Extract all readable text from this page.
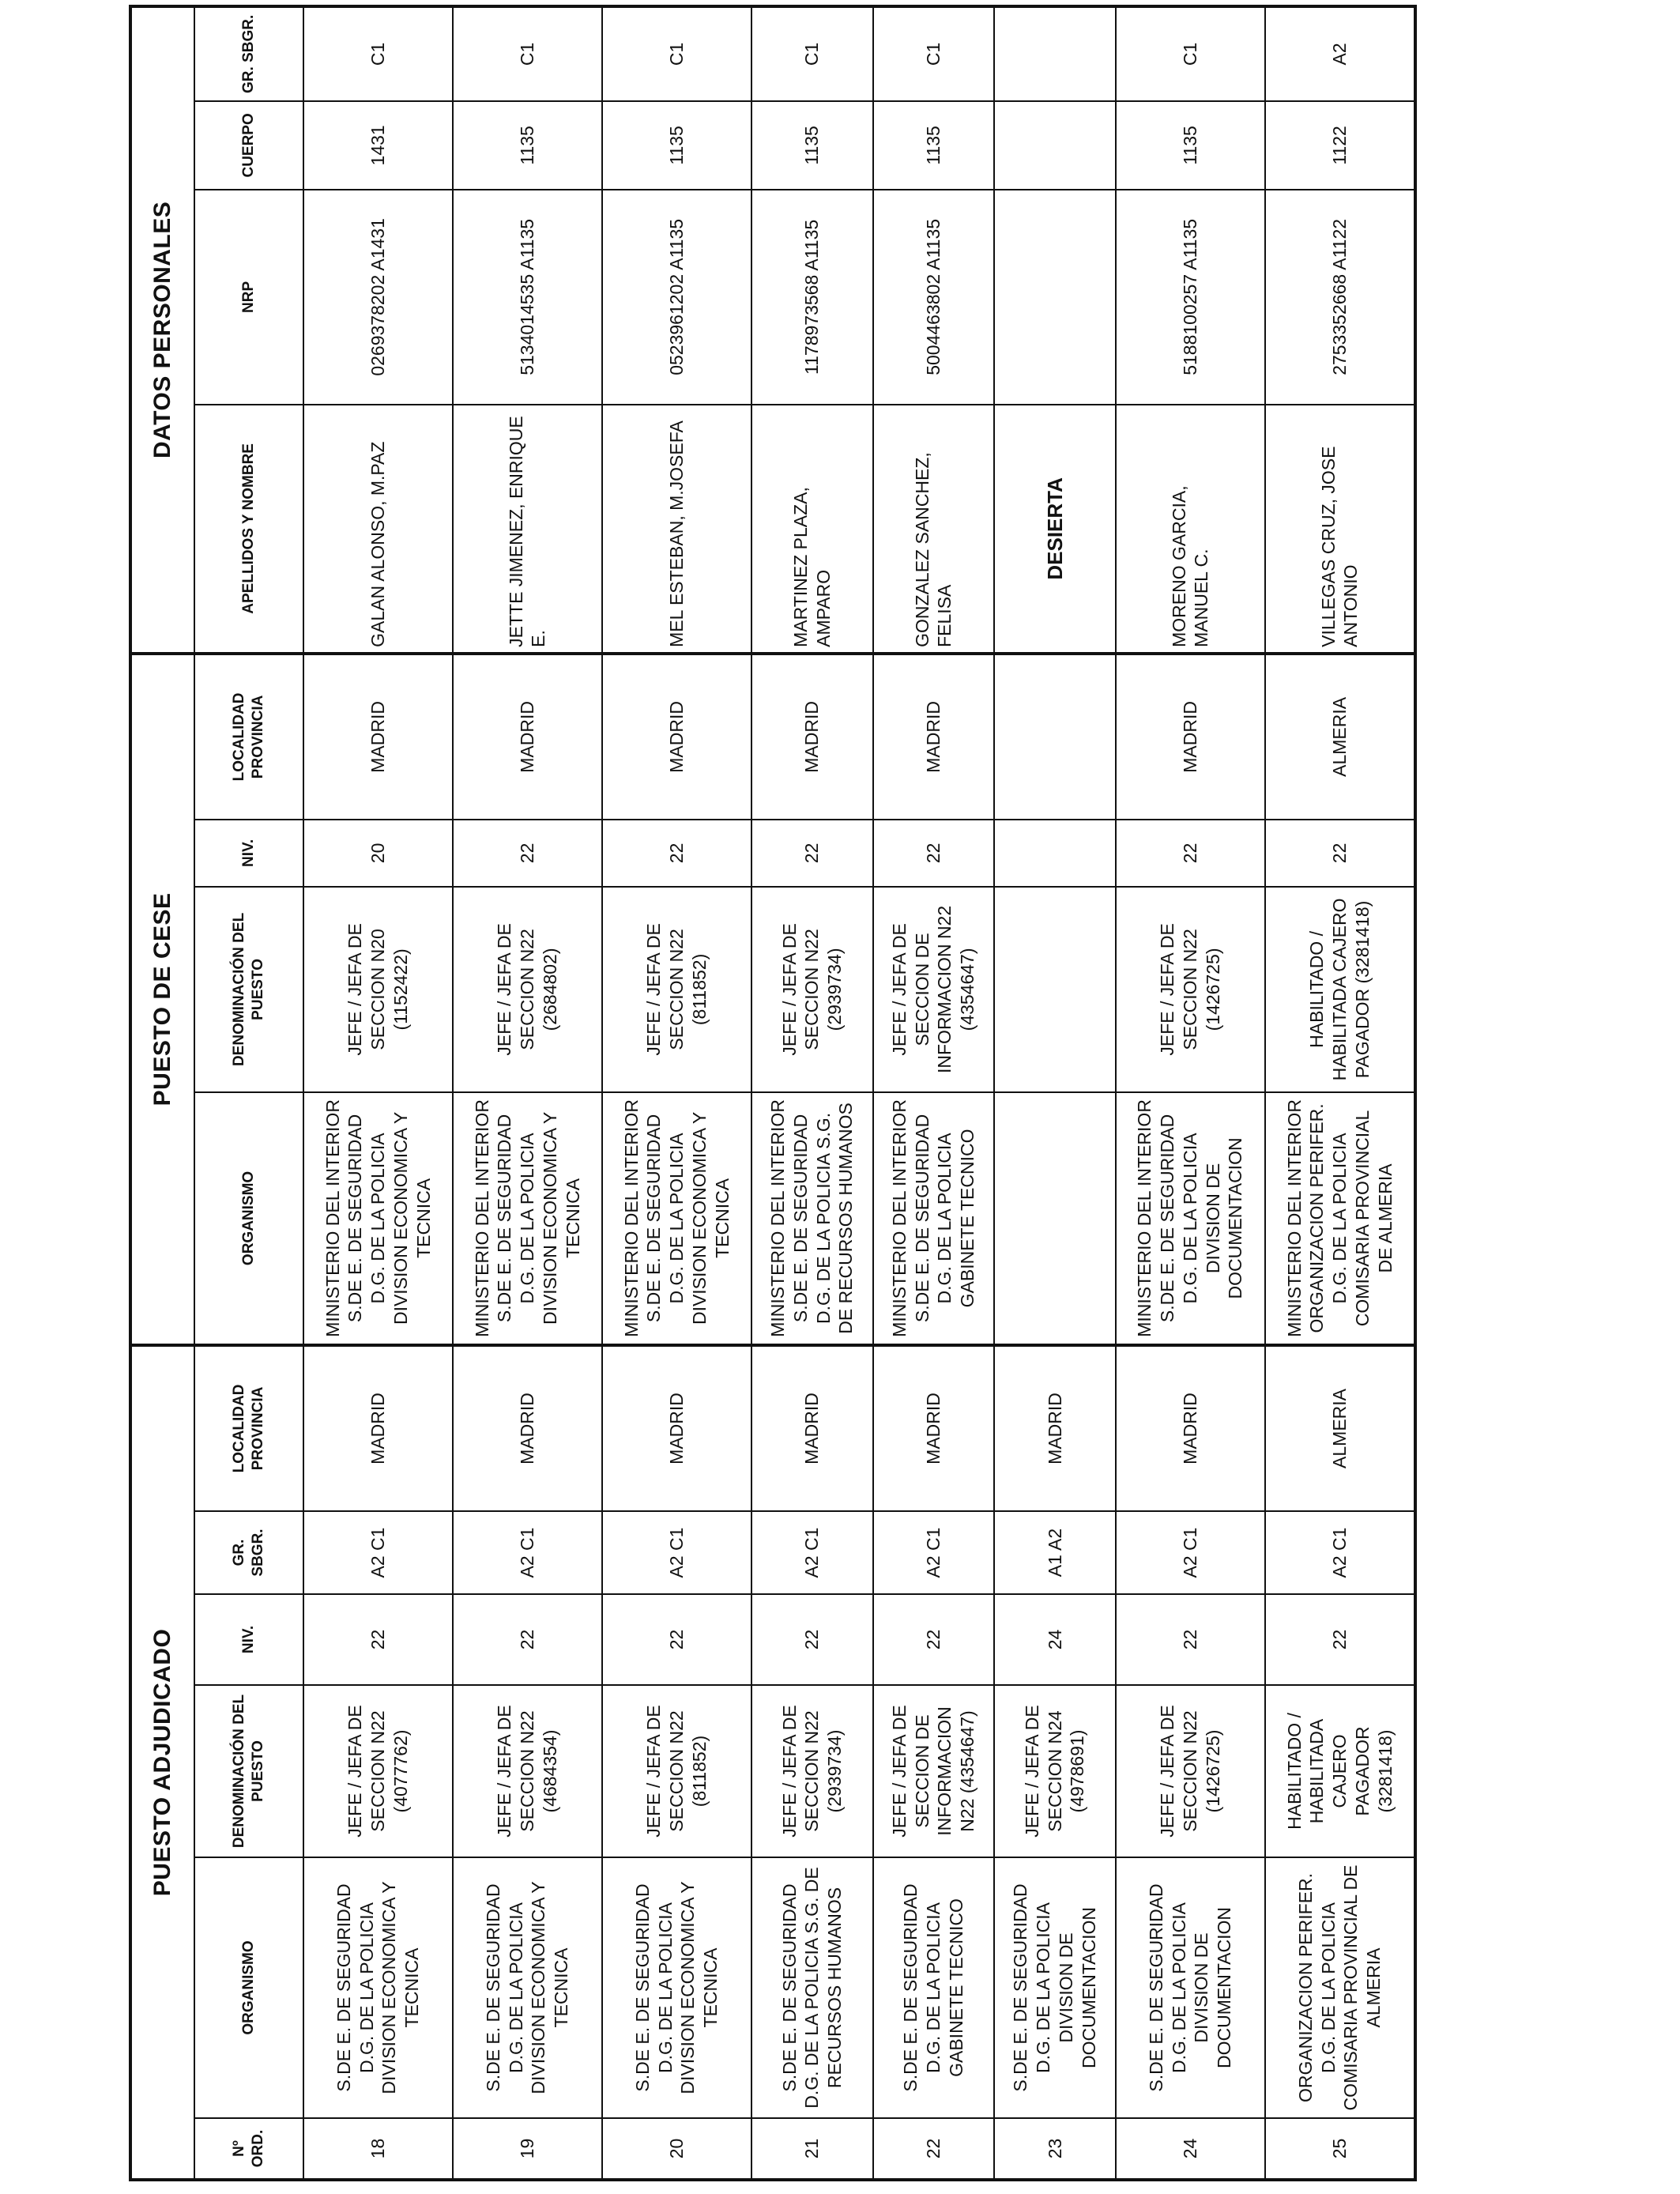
PUESTO ADJUDICADO						PUESTO DE CESE				DATOS PERSONALES			
Nº ORD.	ORGANISMO	DENOMINACIÓN DEL PUESTO	NIV.	GR. SBGR.	LOCALIDAD PROVINCIA	ORGANISMO	DENOMINACIÓN DEL PUESTO	NIV.	LOCALIDAD PROVINCIA	APELLIDOS Y NOMBRE	NRP	CUERPO	GR. SBGR.
18	S.DE E. DE SEGURIDAD D.G. DE LA POLICIA DIVISION ECONOMICA Y TECNICA	JEFE / JEFA DE SECCION N22 (4077762)	22	A2 C1	MADRID	MINISTERIO DEL INTERIOR S.DE E. DE SEGURIDAD D.G. DE LA POLICIA DIVISION ECONOMICA Y TECNICA	JEFE / JEFA DE SECCION N20 (1152422)	20	MADRID	GALAN ALONSO, M.PAZ	0269378202 A1431	1431	C1
19	S.DE E. DE SEGURIDAD D.G. DE LA POLICIA DIVISION ECONOMICA Y TECNICA	JEFE / JEFA DE SECCION N22 (4684354)	22	A2 C1	MADRID	MINISTERIO DEL INTERIOR S.DE E. DE SEGURIDAD D.G. DE LA POLICIA DIVISION ECONOMICA Y TECNICA	JEFE / JEFA DE SECCION N22 (2684802)	22	MADRID	JETTE JIMENEZ, ENRIQUE E.	5134014535 A1135	1135	C1
20	S.DE E. DE SEGURIDAD D.G. DE LA POLICIA DIVISION ECONOMICA Y TECNICA	JEFE / JEFA DE SECCION N22 (811852)	22	A2 C1	MADRID	MINISTERIO DEL INTERIOR S.DE E. DE SEGURIDAD D.G. DE LA POLICIA DIVISION ECONOMICA Y TECNICA	JEFE / JEFA DE SECCION N22 (811852)	22	MADRID	MEL ESTEBAN, M.JOSEFA	0523961202 A1135	1135	C1
21	S.DE E. DE SEGURIDAD D.G. DE LA POLICIA S.G. DE RECURSOS HUMANOS	JEFE / JEFA DE SECCION N22 (2939734)	22	A2 C1	MADRID	MINISTERIO DEL INTERIOR S.DE E. DE SEGURIDAD D.G. DE LA POLICIA S.G. DE RECURSOS HUMANOS	JEFE / JEFA DE SECCION N22 (2939734)	22	MADRID	MARTINEZ PLAZA, AMPARO	1178973568 A1135	1135	C1
22	S.DE E. DE SEGURIDAD D.G. DE LA POLICIA GABINETE TECNICO	JEFE / JEFA DE SECCION DE INFORMACION N22 (4354647)	22	A2 C1	MADRID	MINISTERIO DEL INTERIOR S.DE E. DE SEGURIDAD D.G. DE LA POLICIA GABINETE TECNICO	JEFE / JEFA DE SECCION DE INFORMACION N22 (4354647)	22	MADRID	GONZALEZ SANCHEZ, FELISA	5004463802 A1135	1135	C1
23	S.DE E. DE SEGURIDAD D.G. DE LA POLICIA DIVISION DE DOCUMENTACION	JEFE / JEFA DE SECCION N24 (4978691)	24	A1 A2	MADRID					DESIERTA			
24	S.DE E. DE SEGURIDAD D.G. DE LA POLICIA DIVISION DE DOCUMENTACION	JEFE / JEFA DE SECCION N22 (1426725)	22	A2 C1	MADRID	MINISTERIO DEL INTERIOR S.DE E. DE SEGURIDAD D.G. DE LA POLICIA DIVISION DE DOCUMENTACION	JEFE / JEFA DE SECCION N22 (1426725)	22	MADRID	MORENO GARCIA, MANUEL C.	5188100257 A1135	1135	C1
25	ORGANIZACION PERIFER. D.G. DE LA POLICIA COMISARIA PROVINCIAL DE ALMERIA	HABILITADO / HABILITADA CAJERO PAGADOR (3281418)	22	A2 C1	ALMERIA	MINISTERIO DEL INTERIOR ORGANIZACION PERIFER. D.G. DE LA POLICIA COMISARIA PROVINCIAL DE ALMERIA	HABILITADO / HABILITADA CAJERO PAGADOR (3281418)	22	ALMERIA	VILLEGAS CRUZ, JOSE ANTONIO	2753352668 A1122	1122	A2
